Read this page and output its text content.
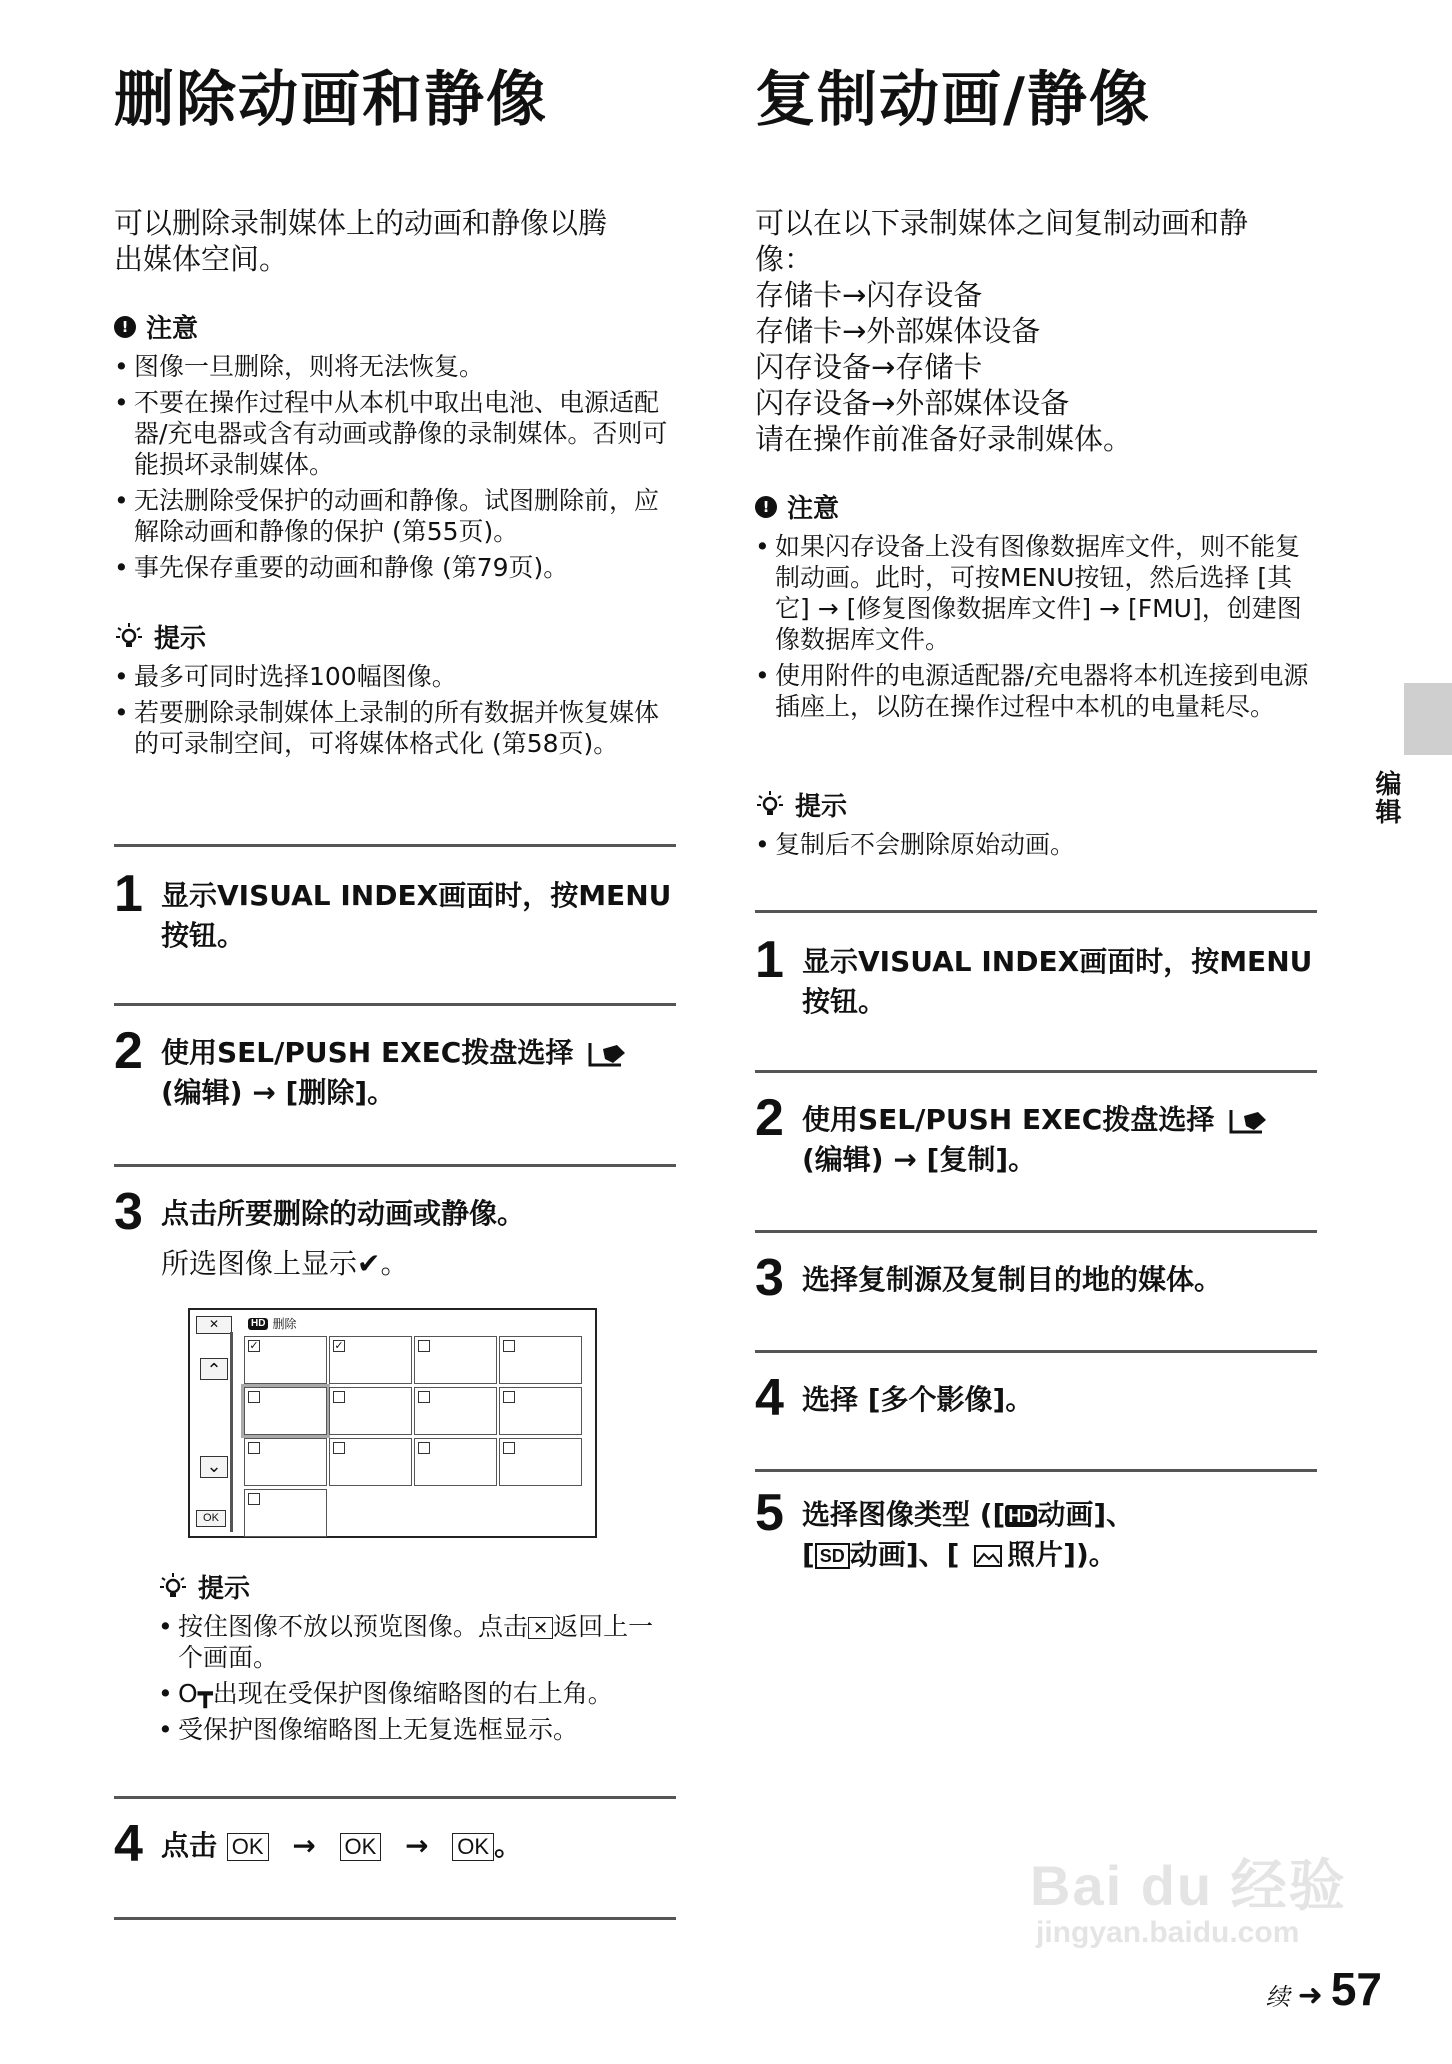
删除动画和静像

可以删除录制媒体上的动画和静像以腾

出媒体空间。

! 注意
• 图像一旦删除，则将无法恢复。
• 不要在操作过程中从本机中取出电池、电源适配器/充电器或含有动画或静像的录制媒体。否则可能损坏录制媒体。
• 无法删除受保护的动画和静像。试图删除前，应解除动画和静像的保护 (第55页)。
• 事先保存重要的动画和静像 (第79页)。
提示
• 最多可同时选择100幅图像。
• 若要删除录制媒体上录制的所有数据并恢复媒体的可录制空间，可将媒体格式化 (第58页)。
1 显示VISUAL INDEX画面时，按MENU按钮。
2 使用SEL/PUSH EXEC拨盘选择  (编辑) → [删除]。
3 点击所要删除的动画或静像。
所选图像上显示✔。
✕	HD 删除
⌃
⌄
OK
✓	✓
提示
• 按住图像不放以预览图像。点击 ✕ 返回上一个画面。
• O┳出现在受保护图像缩略图的右上角。
• 受保护图像缩略图上无复选框显示。
4 点击 OK → OK → OK 。
复制动画/静像

可以在以下录制媒体之间复制动画和静

像：

存储卡→闪存设备

存储卡→外部媒体设备

闪存设备→存储卡

闪存设备→外部媒体设备

请在操作前准备好录制媒体。

! 注意
• 如果闪存设备上没有图像数据库文件，则不能复制动画。此时，可按MENU按钮，然后选择 [其它] → [修复图像数据库文件] → [FMU]，创建图像数据库文件。
• 使用附件的电源适配器/充电器将本机连接到电源插座上，以防在操作过程中本机的电量耗尽。
提示
• 复制后不会删除原始动画。
1 显示VISUAL INDEX画面时，按MENU按钮。
2 使用SEL/PUSH EXEC拨盘选择  (编辑) → [复制]。
3 选择复制源及复制目的地的媒体。
4 选择 [多个影像]。
5 选择图像类型 ([ HD 动画]、
[ SD 动画]、[ 照片])。
编辑
Bai du 经验
jingyan.baidu.com
续 ➜ 57
